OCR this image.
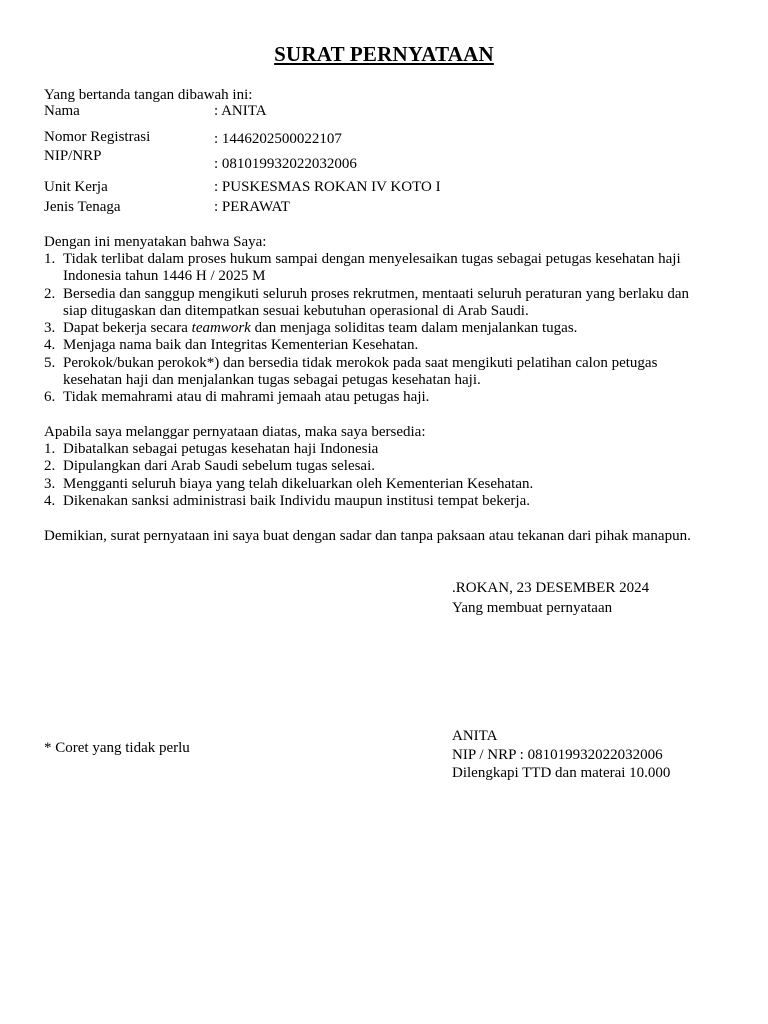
SURAT PERNYATAAN
Yang bertanda tangan dibawah ini:
Nama	: ANITA
Nomor Registrasi	: 1446202500022107
NIP/NRP	: 081019932022032006
Unit Kerja	: PUSKESMAS ROKAN IV KOTO I
Jenis Tenaga	: PERAWAT
Dengan ini menyatakan bahwa Saya:
1. Tidak terlibat dalam proses hukum sampai dengan menyelesaikan tugas sebagai petugas kesehatan haji
Indonesia tahun 1446 H / 2025 M
2. Bersedia dan sanggup mengikuti seluruh proses rekrutmen, mentaati seluruh peraturan yang berlaku dan
siap ditugaskan dan ditempatkan sesuai kebutuhan operasional di Arab Saudi.
3. Dapat bekerja secara teamwork dan menjaga soliditas team dalam menjalankan tugas.
4. Menjaga nama baik dan Integritas Kementerian Kesehatan.
5. Perokok/bukan perokok*) dan bersedia tidak merokok pada saat mengikuti pelatihan calon petugas
kesehatan haji dan menjalankan tugas sebagai petugas kesehatan haji.
6. Tidak memahrami atau di mahrami jemaah atau petugas haji.
Apabila saya melanggar pernyataan diatas, maka saya bersedia:
1. Dibatalkan sebagai petugas kesehatan haji Indonesia
2. Dipulangkan dari Arab Saudi sebelum tugas selesai.
3. Mengganti seluruh biaya yang telah dikeluarkan oleh Kementerian Kesehatan.
4. Dikenakan sanksi administrasi baik Individu maupun institusi tempat bekerja.
Demikian, surat pernyataan ini saya buat dengan sadar dan tanpa paksaan atau tekanan dari pihak manapun.
.ROKAN, 23 DESEMBER 2024
Yang membuat pernyataan
* Coret yang tidak perlu
ANITA
NIP / NRP : 081019932022032006
Dilengkapi TTD dan materai 10.000
